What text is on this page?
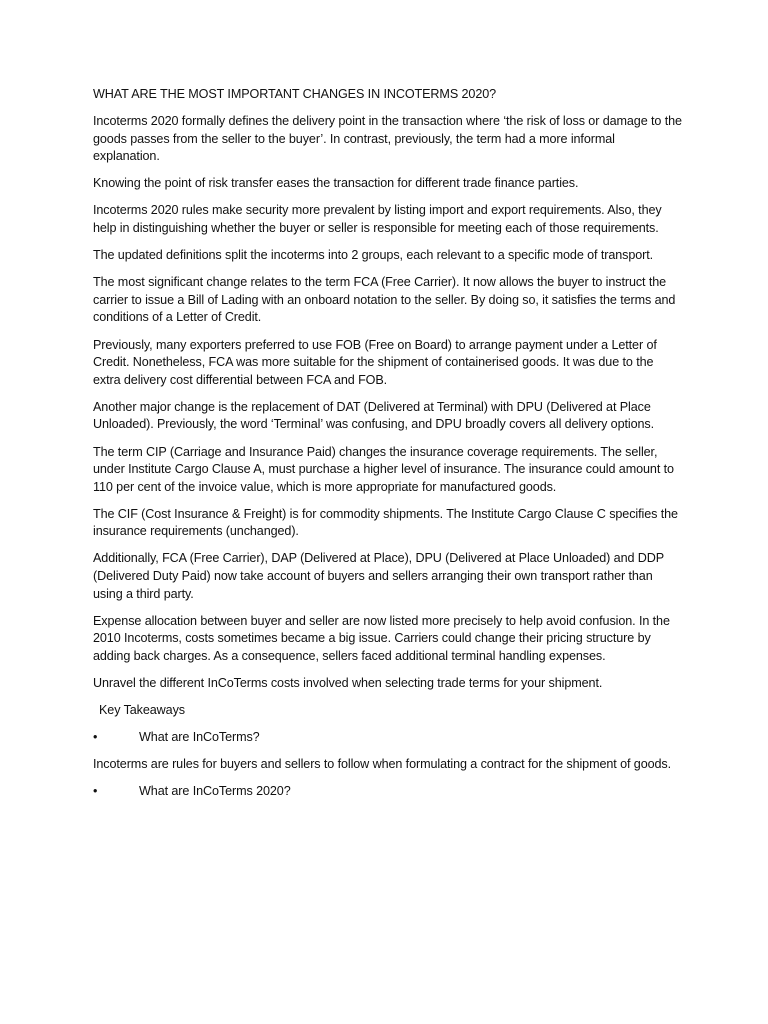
WHAT ARE THE MOST IMPORTANT CHANGES IN INCOTERMS 2020?

Incoterms 2020 formally defines the delivery point in the transaction where ‘the risk of loss or damage to the goods passes from the seller to the buyer’. In contrast, previously, the term had a more informal explanation.

Knowing the point of risk transfer eases the transaction for different trade finance parties.

Incoterms 2020 rules make security more prevalent by listing import and export requirements. Also, they help in distinguishing whether the buyer or seller is responsible for meeting each of those requirements.

The updated definitions split the incoterms into 2 groups, each relevant to a specific mode of transport.

The most significant change relates to the term FCA (Free Carrier). It now allows the buyer to instruct the carrier to issue a Bill of Lading with an onboard notation to the seller. By doing so, it satisfies the terms and conditions of a Letter of Credit.

Previously, many exporters preferred to use FOB (Free on Board) to arrange payment under a Letter of Credit. Nonetheless, FCA was more suitable for the shipment of containerised goods. It was due to the extra delivery cost differential between FCA and FOB.

Another major change is the replacement of DAT (Delivered at Terminal) with DPU (Delivered at Place Unloaded). Previously, the word ‘Terminal’ was confusing, and DPU broadly covers all delivery options.

The term CIP (Carriage and Insurance Paid) changes the insurance coverage requirements. The seller, under Institute Cargo Clause A, must purchase a higher level of insurance. The insurance could amount to 110 per cent of the invoice value, which is more appropriate for manufactured goods.

The CIF (Cost Insurance & Freight) is for commodity shipments. The Institute Cargo Clause C specifies the insurance requirements (unchanged).

Additionally, FCA (Free Carrier), DAP (Delivered at Place), DPU (Delivered at Place Unloaded) and DDP (Delivered Duty Paid) now take account of buyers and sellers arranging their own transport rather than using a third party.

Expense allocation between buyer and seller are now listed more precisely to help avoid confusion. In the 2010 Incoterms, costs sometimes became a big issue. Carriers could change their pricing structure by adding back charges. As a consequence, sellers faced additional terminal handling expenses.

Unravel the different InCoTerms costs involved when selecting trade terms for your shipment.

Key Takeaways

•	What are InCoTerms?

Incoterms are rules for buyers and sellers to follow when formulating a contract for the shipment of goods.

•	What are InCoTerms 2020?
